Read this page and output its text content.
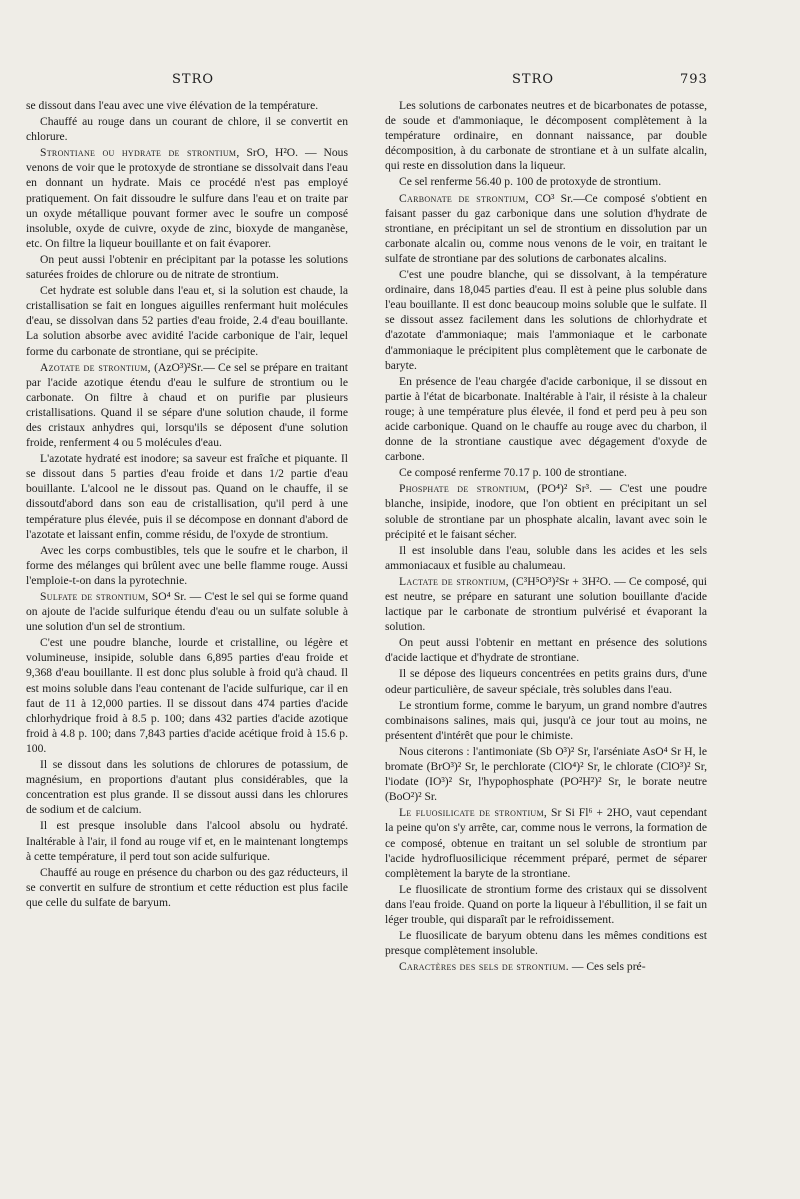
STRO	STRO	793

se dissout dans l'eau avec une vive élévation de la température.

Chauffé au rouge dans un courant de chlore, il se convertit en chlorure.

Strontiane ou hydrate de strontium, SrO, H²O. — Nous venons de voir que le protoxyde de strontiane se dissolvait dans l'eau en donnant un hydrate. Mais ce procédé n'est pas employé pratiquement. On fait dissoudre le sulfure dans l'eau et on traite par un oxyde métallique pouvant former avec le soufre un composé insoluble, oxyde de cuivre, oxyde de zinc, bioxyde de manganèse, etc. On filtre la liqueur bouillante et on fait évaporer.

On peut aussi l'obtenir en précipitant par la potasse les solutions saturées froides de chlorure ou de nitrate de strontium.

Cet hydrate est soluble dans l'eau et, si la solution est chaude, la cristallisation se fait en longues aiguilles renfermant huit molécules d'eau, se dissolvan dans 52 parties d'eau froide, 2.4 d'eau bouillante. La solution absorbe avec avidité l'acide carbonique de l'air, lequel forme du carbonate de strontiane, qui se précipite.

Azotate de strontium, (AzO³)²Sr.— Ce sel se prépare en traitant par l'acide azotique étendu d'eau le sulfure de strontium ou le carbonate. On filtre à chaud et on purifie par plusieurs cristallisations. Quand il se sépare d'une solution chaude, il forme des cristaux anhydres qui, lorsqu'ils se déposent d'une solution froide, renferment 4 ou 5 molécules d'eau.

L'azotate hydraté est inodore; sa saveur est fraîche et piquante. Il se dissout dans 5 parties d'eau froide et dans 1/2 partie d'eau bouillante. L'alcool ne le dissout pas. Quand on le chauffe, il se dissoutd'abord dans son eau de cristallisation, qu'il perd à une température plus élevée, puis il se décompose en donnant d'abord de l'azotate et laissant enfin, comme résidu, de l'oxyde de strontium.

Avec les corps combustibles, tels que le soufre et le charbon, il forme des mélanges qui brûlent avec une belle flamme rouge. Aussi l'emploie-t-on dans la pyrotechnie.

Sulfate de strontium, SO⁴ Sr. — C'est le sel qui se forme quand on ajoute de l'acide sulfurique étendu d'eau ou un sulfate soluble à une solution d'un sel de strontium.

C'est une poudre blanche, lourde et cristalline, ou légère et volumineuse, insipide, soluble dans 6,895 parties d'eau froide et 9,368 d'eau bouillante. Il est donc plus soluble à froid qu'à chaud. Il est moins soluble dans l'eau contenant de l'acide sulfurique, car il en faut de 11 à 12,000 parties. Il se dissout dans 474 parties d'acide chlorhydrique froid à 8.5 p. 100; dans 432 parties d'acide azotique froid à 4.8 p. 100; dans 7,843 parties d'acide acétique froid à 15.6 p. 100.

Il se dissout dans les solutions de chlorures de potassium, de magnésium, en proportions d'autant plus considérables, que la concentration est plus grande. Il se dissout aussi dans les chlorures de sodium et de calcium.

Il est presque insoluble dans l'alcool absolu ou hydraté. Inaltérable à l'air, il fond au rouge vif et, en le maintenant longtemps à cette température, il perd tout son acide sulfurique.

Chauffé au rouge en présence du charbon ou des gaz réducteurs, il se convertit en sulfure de strontium et cette réduction est plus facile que celle du sulfate de baryum.

Les solutions de carbonates neutres et de bicarbonates de potasse, de soude et d'ammoniaque, le décomposent complètement à la température ordinaire, en donnant naissance, par double décomposition, à du carbonate de strontiane et à un sulfate alcalin, qui reste en dissolution dans la liqueur.

Ce sel renferme 56.40 p. 100 de protoxyde de strontium.

Carbonate de strontium, CO³ Sr.—Ce composé s'obtient en faisant passer du gaz carbonique dans une solution d'hydrate de strontiane, en précipitant un sel de strontium en dissolution par un carbonate alcalin ou, comme nous venons de le voir, en traitant le sulfate de strontiane par des solutions de carbonates alcalins.

C'est une poudre blanche, qui se dissolvant, à la température ordinaire, dans 18,045 parties d'eau. Il est à peine plus soluble dans l'eau bouillante. Il est donc beaucoup moins soluble que le sulfate. Il se dissout assez facilement dans les solutions de chlorhydrate et d'azotate d'ammoniaque; mais l'ammoniaque et le carbonate d'ammoniaque le précipitent plus complètement que le carbonate de baryte.

En présence de l'eau chargée d'acide carbonique, il se dissout en partie à l'état de bicarbonate. Inaltérable à l'air, il résiste à la chaleur rouge; à une température plus élevée, il fond et perd peu à peu son acide carbonique. Quand on le chauffe au rouge avec du charbon, il donne de la strontiane caustique avec dégagement d'oxyde de carbone.

Ce composé renferme 70.17 p. 100 de strontiane.

Phosphate de strontium, (PO⁴)² Sr³. — C'est une poudre blanche, insipide, inodore, que l'on obtient en précipitant un sel soluble de strontiane par un phosphate alcalin, lavant avec soin le précipité et le faisant sécher.

Il est insoluble dans l'eau, soluble dans les acides et les sels ammoniacaux et fusible au chalumeau.

Lactate de strontium, (C³H⁵O³)²Sr + 3H²O. — Ce composé, qui est neutre, se prépare en saturant une solution bouillante d'acide lactique par le carbonate de strontium pulvérisé et évaporant la solution.

On peut aussi l'obtenir en mettant en présence des solutions d'acide lactique et d'hydrate de strontiane.

Il se dépose des liqueurs concentrées en petits grains durs, d'une odeur particulière, de saveur spéciale, très solubles dans l'eau.

Le strontium forme, comme le baryum, un grand nombre d'autres combinaisons salines, mais qui, jusqu'à ce jour tout au moins, ne présentent d'intérêt que pour le chimiste.

Nous citerons : l'antimoniate (Sb O³)² Sr, l'arséniate AsO⁴ Sr H, le bromate (BrO³)² Sr, le perchlorate (ClO⁴)² Sr, le chlorate (ClO³)² Sr, l'iodate (IO³)² Sr, l'hypophosphate (PO²H²)² Sr, le borate neutre (BoO²)² Sr.

Le fluosilicate de strontium, Sr Si Fl⁶ + 2HO, vaut cependant la peine qu'on s'y arrête, car, comme nous le verrons, la formation de ce composé, obtenue en traitant un sel soluble de strontium par l'acide hydrofluosilicique récemment préparé, permet de séparer complètement la baryte de la strontiane.

Le fluosilicate de strontium forme des cristaux qui se dissolvent dans l'eau froide. Quand on porte la liqueur à l'ébullition, il se fait un léger trouble, qui disparaît par le refroidissement.

Le fluosilicate de baryum obtenu dans les mêmes conditions est presque complètement insoluble.

Caractères des sels de strontium. — Ces sels pré-
